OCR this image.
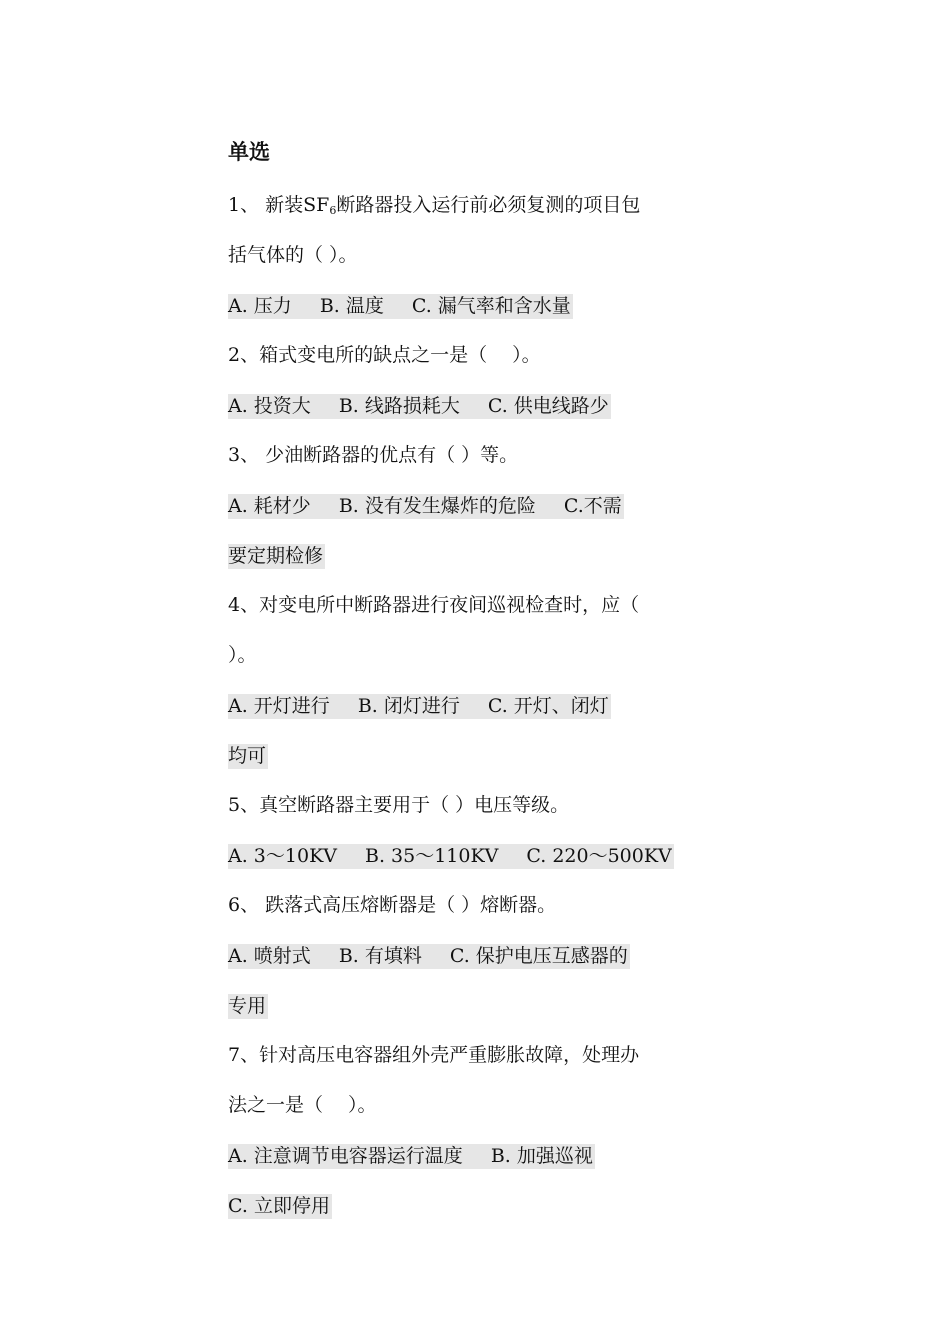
单选
1、 新装$SF_6$断路器投入运行前必须复测的项目包
括气体的（ ）。
A. 压力 B. 温度 C. 漏气率和含水量
2、箱式变电所的缺点之一是（　 ）。
A. 投资大 B. 线路损耗大 C. 供电线路少
3、 少油断路器的优点有（ ）等。
A. 耗材少 B. 没有发生爆炸的危险 C.不需
要定期检修
4、对变电所中断路器进行夜间巡视检查时，应（
）。
A. 开灯进行 B. 闭灯进行 C. 开灯、闭灯
均可
5、真空断路器主要用于（ ）电压等级。
A. 3～10KV B. 35～110KV C. 220～500KV
6、 跌落式高压熔断器是（ ）熔断器。
A. 喷射式 B. 有填料 C. 保护电压互感器的
专用
7、针对高压电容器组外壳严重膨胀故障，处理办
法之一是（　 ）。
A. 注意调节电容器运行温度 B. 加强巡视
C. 立即停用
